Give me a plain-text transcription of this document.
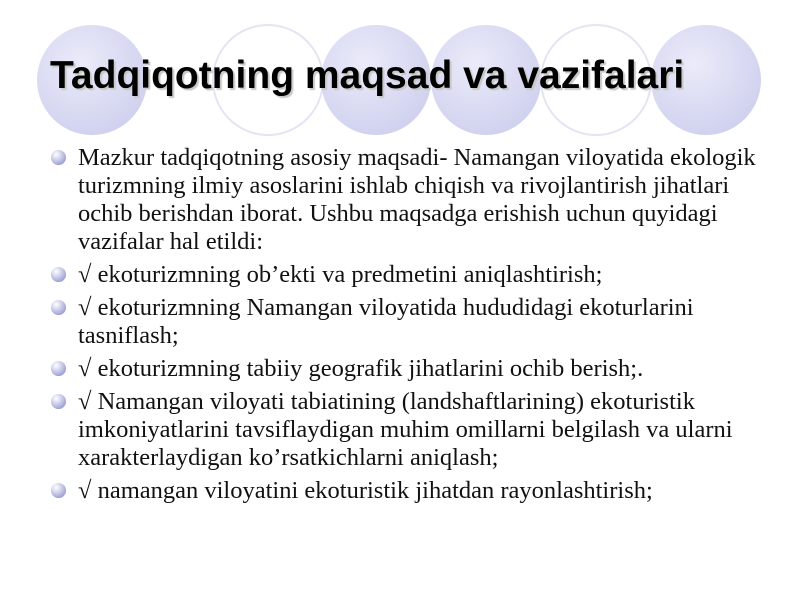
Tadqiqotning maqsad va vazifalari
Mazkur tadqiqotning asosiy maqsadi- Namangan viloyatida ekologik turizmning ilmiy asoslarini ishlab chiqish va rivojlantirish jihatlari ochib berishdan iborat. Ushbu maqsadga erishish uchun quyidagi vazifalar hal etildi:
√ ekoturizmning ob’ekti va predmetini aniqlashtirish;
√ ekoturizmning Namangan viloyatida hududidagi ekoturlarini tasniflash;
√ ekoturizmning tabiiy geografik jihatlarini ochib berish;.
√ Namangan viloyati tabiatining (landshaftlarining) ekoturistik imkoniyatlarini tavsiflaydigan muhim omillarni belgilash va ularni xarakterlaydigan ko’rsatkichlarni aniqlash;
√ namangan viloyatini ekoturistik jihatdan rayonlashtirish;
